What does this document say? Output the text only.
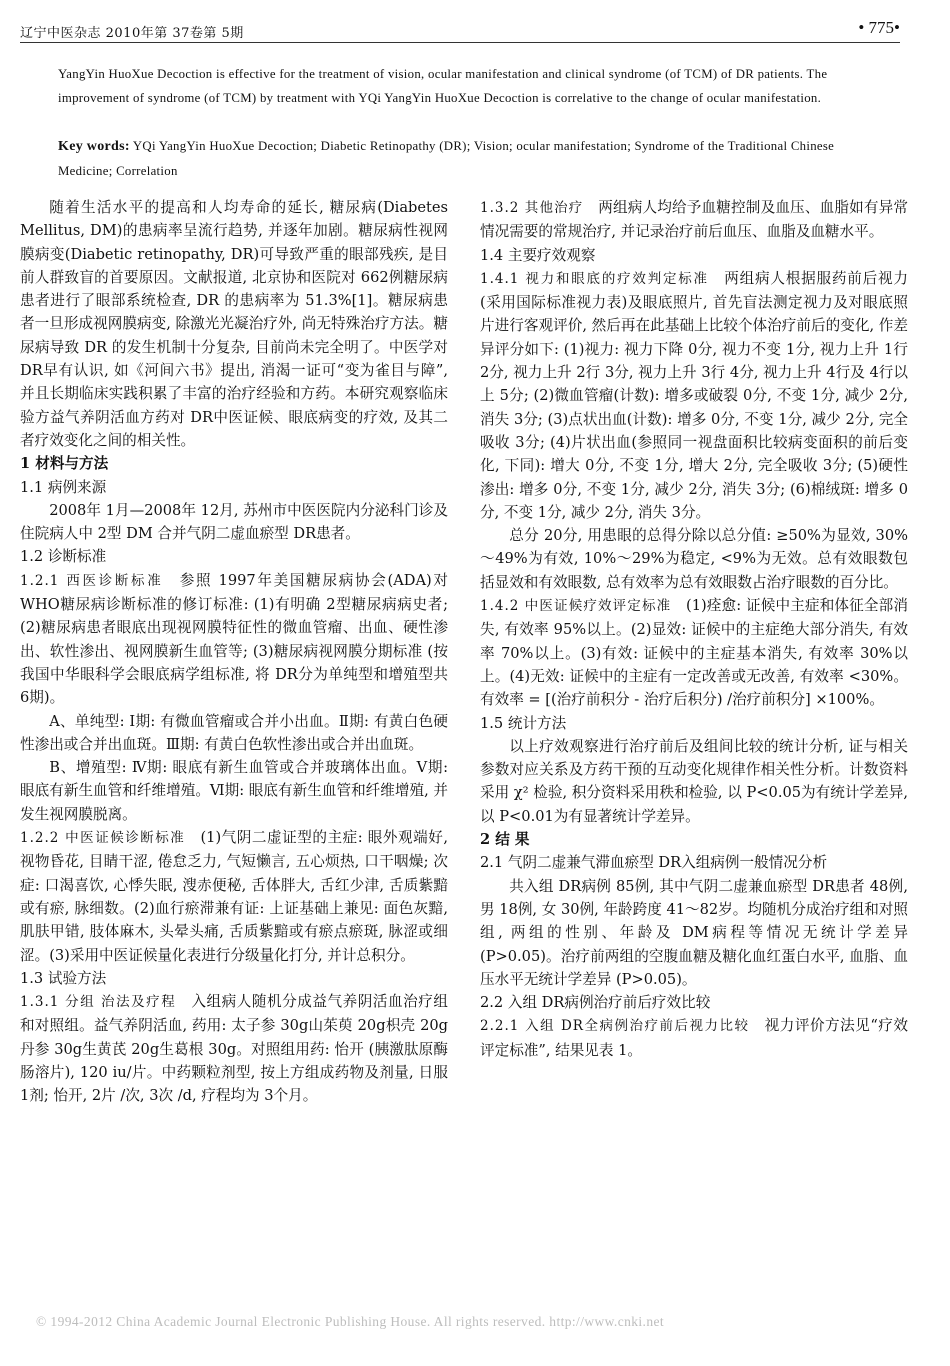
辽宁中医杂志 2010年第 37卷第 5期	• 775•
YangYin HuoXue Decoction is effective for the treatment of vision, ocular manifestation and clinical syndrome (of TCM) of DR patients. The improvement of syndrome (of TCM) by treatment with YQi YangYin HuoXue Decoction is correlative to the change of ocular manifestation.
Key words: YQi YangYin HuoXue Decoction; Diabetic Retinopathy (DR); Vision; ocular manifestation; Syndrome of the Traditional Chinese Medicine; Correlation

随着生活水平的提高和人均寿命的延长, 糖尿病(Diabetes Mellitus, DM)的患病率呈流行趋势, 并逐年加剧。糖尿病性视网膜病变(Diabetic retinopathy, DR)可导致严重的眼部残疾, 是目前人群致盲的首要原因。文献报道, 北京协和医院对 662例糖尿病患者进行了眼部系统检查, DR 的患病率为 51.3%[1]。糖尿病患者一旦形成视网膜病变, 除激光光凝治疗外, 尚无特殊治疗方法。糖尿病导致 DR 的发生机制十分复杂, 目前尚未完全明了。中医学对 DR早有认识, 如《河间六书》提出, 消渴一证可“变为雀目与障”, 并且长期临床实践积累了丰富的治疗经验和方药。本研究观察临床验方益气养阴活血方药对 DR中医证候、眼底病变的疗效, 及其二者疗效变化之间的相关性。

1 材料与方法

1.1 病例来源

2008年 1月—2008年 12月, 苏州市中医医院内分泌科门诊及住院病人中 2型 DM 合并气阴二虚血瘀型 DR患者。

1.2 诊断标准

1.2.1 西医诊断标准　 参照 1997年美国糖尿病协会(ADA)对 WHO糖尿病诊断标准的修订标准: (1)有明确 2型糖尿病病史者; (2)糖尿病患者眼底出现视网膜特征性的微血管瘤、出血、硬性渗出、软性渗出、视网膜新生血管等; (3)糖尿病视网膜分期标准 (按我国中华眼科学会眼底病学组标准, 将 DR分为单纯型和增殖型共 6期)。

A、单纯型: Ⅰ期: 有微血管瘤或合并小出血。Ⅱ期: 有黄白色硬性渗出或合并出血斑。Ⅲ期: 有黄白色软性渗出或合并出血斑。

B、增殖型: Ⅳ期: 眼底有新生血管或合并玻璃体出血。Ⅴ期: 眼底有新生血管和纤维增殖。Ⅵ期: 眼底有新生血管和纤维增殖, 并发生视网膜脱离。

1.2.2 中医证候诊断标准　 (1)气阴二虚证型的主症: 眼外观端好, 视物昏花, 目睛干涩, 倦怠乏力, 气短懒言, 五心烦热, 口干咽燥; 次症: 口渴喜饮, 心悸失眠, 溲赤便秘, 舌体胖大, 舌红少津, 舌质紫黯或有瘀, 脉细数。(2)血行瘀滞兼有证: 上证基础上兼见: 面色灰黯, 肌肤甲错, 肢体麻木, 头晕头痛, 舌质紫黯或有瘀点瘀斑, 脉涩或细涩。(3)采用中医证候量化表进行分级量化打分, 并计总积分。

1.3 试验方法

1.3.1 分组 治法及疗程　 入组病人随机分成益气养阴活血治疗组和对照组。益气养阴活血, 药用: 太子参 30g山茱萸 20g枳壳 20g丹参 30g生黄芪 20g生葛根 30g。对照组用药: 怡开 (胰激肽原酶肠溶片), 120 iu/片。中药颗粒剂型, 按上方组成药物及剂量, 日服 1剂; 怡开, 2片 /次, 3次 /d, 疗程均为 3个月。

1.3.2 其他治疗　 两组病人均给予血糖控制及血压、血脂如有异常情况需要的常规治疗, 并记录治疗前后血压、血脂及血糖水平。

1.4 主要疗效观察

1.4.1 视力和眼底的疗效判定标准　 两组病人根据服药前后视力(采用国际标准视力表)及眼底照片, 首先盲法测定视力及对眼底照片进行客观评价, 然后再在此基础上比较个体治疗前后的变化, 作差异评分如下: (1)视力: 视力下降 0分, 视力不变 1分, 视力上升 1行 2分, 视力上升 2行 3分, 视力上升 3行 4分, 视力上升 4行及 4行以上 5分; (2)微血管瘤(计数): 增多或破裂 0分, 不变 1分, 减少 2分, 消失 3分; (3)点状出血(计数): 增多 0分, 不变 1分, 减少 2分, 完全吸收 3分; (4)片状出血(参照同一视盘面积比较病变面积的前后变化, 下同): 增大 0分, 不变 1分, 增大 2分, 完全吸收 3分; (5)硬性渗出: 增多 0分, 不变 1分, 减少 2分, 消失 3分; (6)棉绒斑: 增多 0分, 不变 1分, 减少 2分, 消失 3分。

总分 20分, 用患眼的总得分除以总分值: ≥50%为显效, 30%～49%为有效, 10%～29%为稳定, <9%为无效。总有效眼数包括显效和有效眼数, 总有效率为总有效眼数占治疗眼数的百分比。

1.4.2 中医证候疗效评定标准　 (1)痊愈: 证候中主症和体征全部消失, 有效率 95%以上。(2)显效: 证候中的主症绝大部分消失, 有效率 70%以上。(3)有效: 证候中的主症基本消失, 有效率 30%以上。(4)无效: 证候中的主症有一定改善或无改善, 有效率 <30%。有效率 = [(治疗前积分 - 治疗后积分) /治疗前积分] ×100%。

1.5 统计方法

以上疗效观察进行治疗前后及组间比较的统计分析, 证与相关参数对应关系及方药干预的互动变化规律作相关性分析。计数资料采用 χ² 检验, 积分资料采用秩和检验, 以 P<0.05为有统计学差异, 以 P<0.01为有显著统计学差异。

2 结 果

2.1 气阴二虚兼气滞血瘀型 DR入组病例一般情况分析

共入组 DR病例 85例, 其中气阴二虚兼血瘀型 DR患者 48例, 男 18例, 女 30例, 年龄跨度 41～82岁。均随机分成治疗组和对照组, 两组的性别、年龄及 DM病程等情况无统计学差异 (P>0.05)。治疗前两组的空腹血糖及糖化血红蛋白水平, 血脂、血压水平无统计学差异 (P>0.05)。

2.2 入组 DR病例治疗前后疗效比较

2.2.1 入组 DR全病例治疗前后视力比较　 视力评价方法见“疗效评定标准”, 结果见表 1。

© 1994-2012 China Academic Journal Electronic Publishing House. All rights reserved. http://www.cnki.net
